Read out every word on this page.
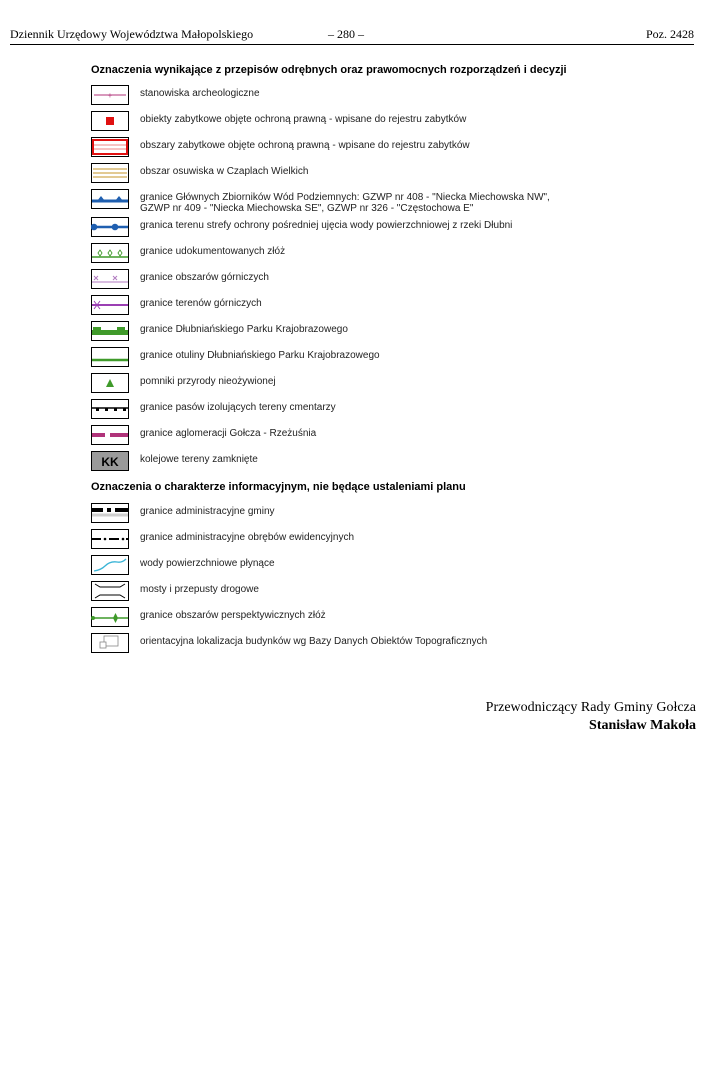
Dziennik Urzędowy Województwa Małopolskiego	– 280 –	Poz. 2428
Oznaczenia wynikające z przepisów odrębnych oraz prawomocnych rozporządzeń i decyzji
+	stanowiska archeologiczne
obiekty zabytkowe objęte ochroną prawną - wpisane do rejestru zabytków
obszary zabytkowe objęte ochroną prawną - wpisane do rejestru zabytków
obszar osuwiska w Czaplach Wielkich
granice Głównych Zbiorników Wód Podziemnych: GZWP nr 408 - "Niecka Miechowska NW",
GZWP nr 409 - "Niecka Miechowska SE", GZWP nr 326 - "Częstochowa E"
granica terenu strefy ochrony pośredniej ujęcia wody powierzchniowej z rzeki Dłubni
granice udokumentowanych złóż
granice obszarów górniczych
granice terenów górniczych
granice Dłubniańskiego Parku Krajobrazowego
granice otuliny Dłubniańskiego Parku Krajobrazowego
pomniki przyrody nieożywionej
granice pasów izolujących tereny cmentarzy
granice aglomeracji Gołcza - Rzeżuśnia
KK kolejowe tereny zamknięte
Oznaczenia o charakterze informacyjnym, nie będące ustaleniami planu
granice administracyjne gminy
granice administracyjne obrębów ewidencyjnych
wody powierzchniowe płynące
mosty i przepusty drogowe
granice obszarów perspektywicznych złóż
orientacyjna lokalizacja budynków wg Bazy Danych Obiektów Topograficznych
Przewodniczący Rady Gminy Gołcza
Stanisław Makoła
